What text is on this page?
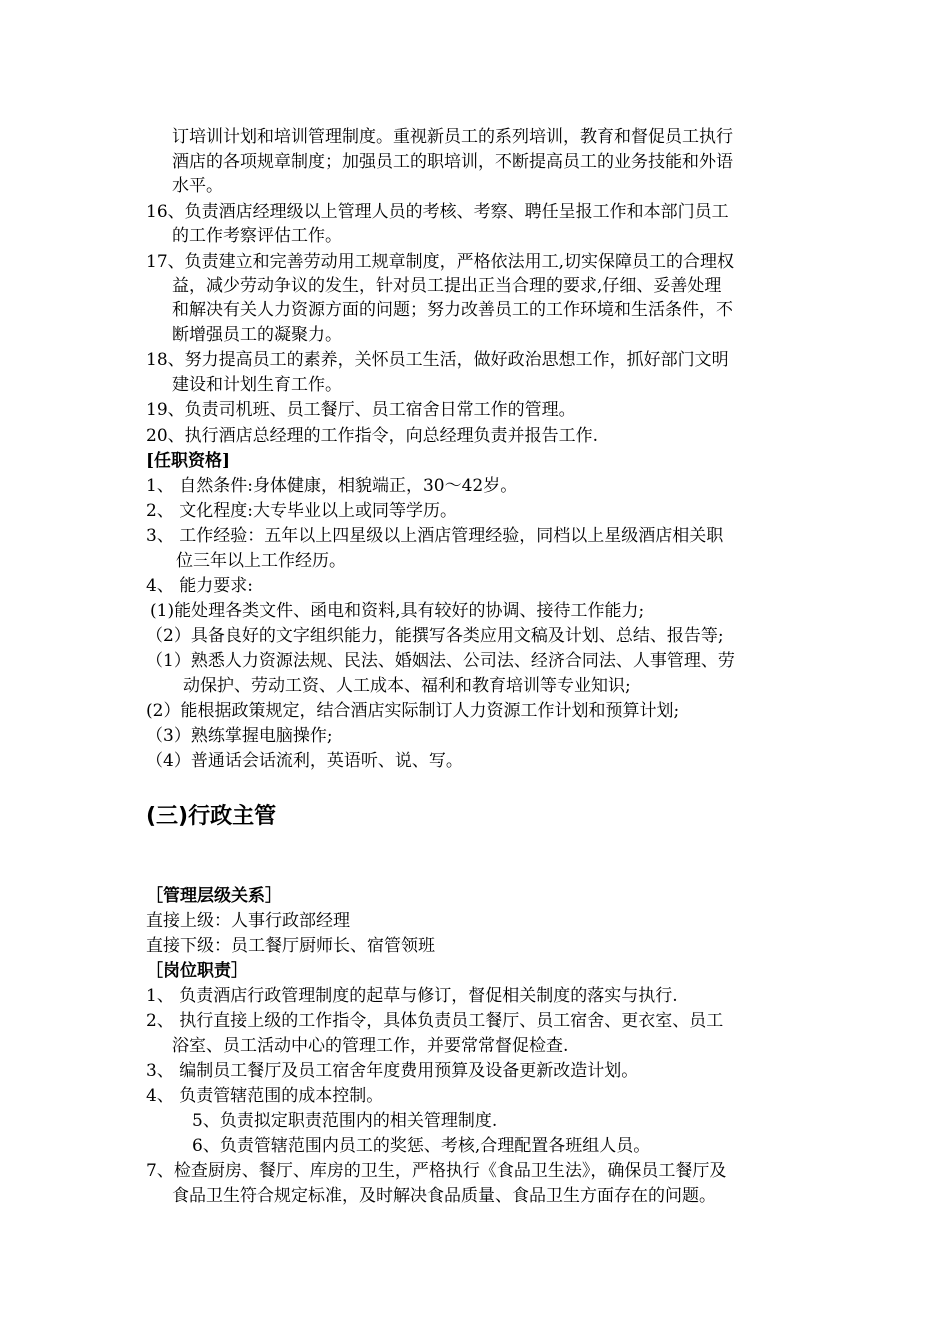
订培训计划和培训管理制度。重视新员工的系列培训，教育和督促员工执行
酒店的各项规章制度；加强员工的职培训，不断提高员工的业务技能和外语
水平。
16、负责酒店经理级以上管理人员的考核、考察、聘任呈报工作和本部门员工
的工作考察评估工作。
17、负责建立和完善劳动用工规章制度，严格依法用工,切实保障员工的合理权
益，减少劳动争议的发生，针对员工提出正当合理的要求,仔细、妥善处理
和解决有关人力资源方面的问题；努力改善员工的工作环境和生活条件，不
断增强员工的凝聚力。
18、努力提高员工的素养，关怀员工生活，做好政治思想工作，抓好部门文明
建设和计划生育工作。
19、负责司机班、员工餐厅、员工宿舍日常工作的管理。
20、执行酒店总经理的工作指令，向总经理负责并报告工作.
[任职资格]
1、 自然条件:身体健康，相貌端正，30～42岁。
2、 文化程度:大专毕业以上或同等学历。
3、 工作经验：五年以上四星级以上酒店管理经验，同档以上星级酒店相关职
位三年以上工作经历。
4、 能力要求:
(1)能处理各类文件、函电和资料,具有较好的协调、接待工作能力;
（2）具备良好的文字组织能力，能撰写各类应用文稿及计划、总结、报告等;
（1）熟悉人力资源法规、民法、婚姻法、公司法、经济合同法、人事管理、劳
动保护、劳动工资、人工成本、福利和教育培训等专业知识;
(2）能根据政策规定，结合酒店实际制订人力资源工作计划和预算计划;
（3）熟练掌握电脑操作;
（4）普通话会话流利，英语听、说、写。
(三)行政主管
［管理层级关系］
直接上级：人事行政部经理
直接下级：员工餐厅厨师长、宿管领班
［岗位职责］
1、 负责酒店行政管理制度的起草与修订，督促相关制度的落实与执行.
2、 执行直接上级的工作指令，具体负责员工餐厅、员工宿舍、更衣室、员工
浴室、员工活动中心的管理工作，并要常常督促检查.
3、 编制员工餐厅及员工宿舍年度费用预算及设备更新改造计划。
4、 负责管辖范围的成本控制。
5、负责拟定职责范围内的相关管理制度.
6、负责管辖范围内员工的奖惩、考核,合理配置各班组人员。
7、检查厨房、餐厅、库房的卫生，严格执行《食品卫生法》，确保员工餐厅及
食品卫生符合规定标准，及时解决食品质量、食品卫生方面存在的问题。
